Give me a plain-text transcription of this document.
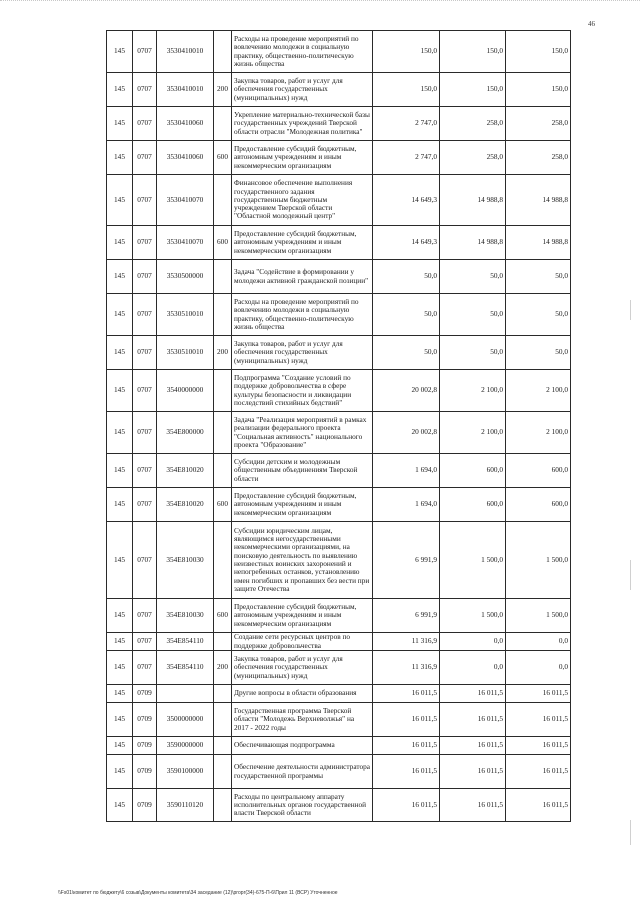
46
145	0707	3530410010		Расходы на проведение мероприятий по вовлечению молодежи в социальную практику, общественно-политическую жизнь общества	150,0	150,0	150,0
145	0707	3530410010	200	Закупка товаров, работ и услуг для обеспечения государственных (муниципальных) нужд	150,0	150,0	150,0
145	0707	3530410060		Укрепление материально-технической базы государственных учреждений Тверской области отрасли "Молодежная политика"	2 747,0	258,0	258,0
145	0707	3530410060	600	Предоставление субсидий бюджетным, автономным учреждениям и иным некоммерческим организациям	2 747,0	258,0	258,0
145	0707	3530410070		Финансовое обеспечение выполнения государственного задания государственным бюджетным учреждением Тверской области "Областной молодежный центр"	14 649,3	14 988,8	14 988,8
145	0707	3530410070	600	Предоставление субсидий бюджетным, автономным учреждениям и иным некоммерческим организациям	14 649,3	14 988,8	14 988,8
145	0707	3530500000		Задача "Содействие в формировании у молодежи активной гражданской позиции"	50,0	50,0	50,0
145	0707	3530510010		Расходы на проведение мероприятий по вовлечению молодежи в социальную практику, общественно-политическую жизнь общества	50,0	50,0	50,0
145	0707	3530510010	200	Закупка товаров, работ и услуг для обеспечения государственных (муниципальных) нужд	50,0	50,0	50,0
145	0707	3540000000		Подпрограмма "Создание условий по поддержке добровольчества в сфере культуры безопасности и ликвидации последствий стихийных бедствий"	20 002,8	2 100,0	2 100,0
145	0707	354Е800000		Задача "Реализация мероприятий в рамках реализации федерального проекта "Социальная активность" национального проекта "Образование"	20 002,8	2 100,0	2 100,0
145	0707	354Е810020		Субсидии детским и молодежным общественным объединениям Тверской области	1 694,0	600,0	600,0
145	0707	354Е810020	600	Предоставление субсидий бюджетным, автономным учреждениям и иным некоммерческим организациям	1 694,0	600,0	600,0
145	0707	354Е810030		Субсидии юридическим лицам, являющимся негосударственными некоммерческими организациями, на поисковую деятельность по выявлению неизвестных воинских захоронений и непогребенных останков, установлению имен погибших и пропавших без вести при защите Отечества	6 991,9	1 500,0	1 500,0
145	0707	354Е810030	600	Предоставление субсидий бюджетным, автономным учреждениям и иным некоммерческим организациям	6 991,9	1 500,0	1 500,0
145	0707	354Е854110		Создание сети ресурсных центров по поддержке добровольчества	11 316,9	0,0	0,0
145	0707	354Е854110	200	Закупка товаров, работ и услуг для обеспечения государственных (муниципальных) нужд	11 316,9	0,0	0,0
145	0709			Другие вопросы в области образования	16 011,5	16 011,5	16 011,5
145	0709	3500000000		Государственная программа Тверской области "Молодежь Верхневолжья" на 2017 - 2022 годы	16 011,5	16 011,5	16 011,5
145	0709	3590000000		Обеспечивающая подпрограмма	16 011,5	16 011,5	16 011,5
145	0709	3590100000		Обеспечение деятельности администратора государственной программы	16 011,5	16 011,5	16 011,5
145	0709	3590110120		Расходы по центральному аппарату исполнительных органов государственной власти Тверской области	16 011,5	16 011,5	16 011,5
\\Fs01\комитет по бюджету\6 созыв\Документы комитета\34 заседание (12)\ргорг(34)-675-П-6\Прил 11 (ВСР) Уточненное
